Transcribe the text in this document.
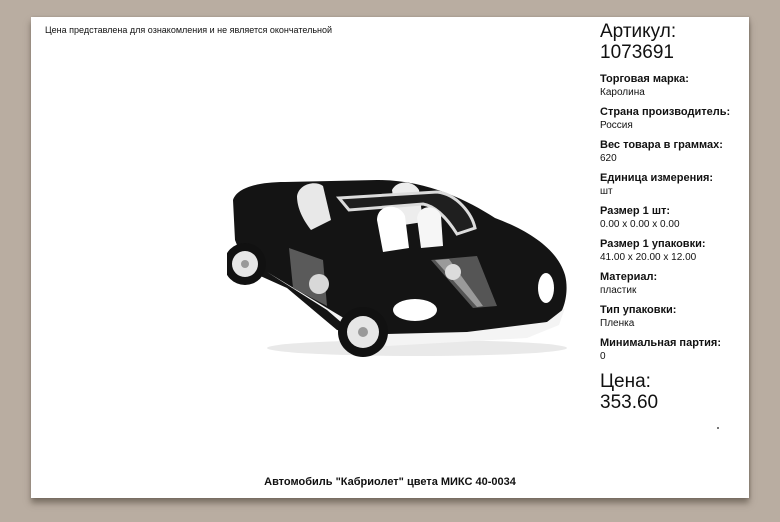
Цена представлена для ознакомления и не является окончательной	Артикул:
1073691
Торговая марка:
Каролина
Страна производитель:
Россия
Вес товара в граммах:
620
Единица измерения:
шт
Размер 1 шт:
0.00 x 0.00 x 0.00
Размер 1 упаковки:
41.00 x 20.00 x 12.00
Материал:
пластик
Тип упаковки:
Пленка
Минимальная партия:
0
Цена:
353.60
Автомобиль "Кабриолет" цвета МИКС 40-0034
